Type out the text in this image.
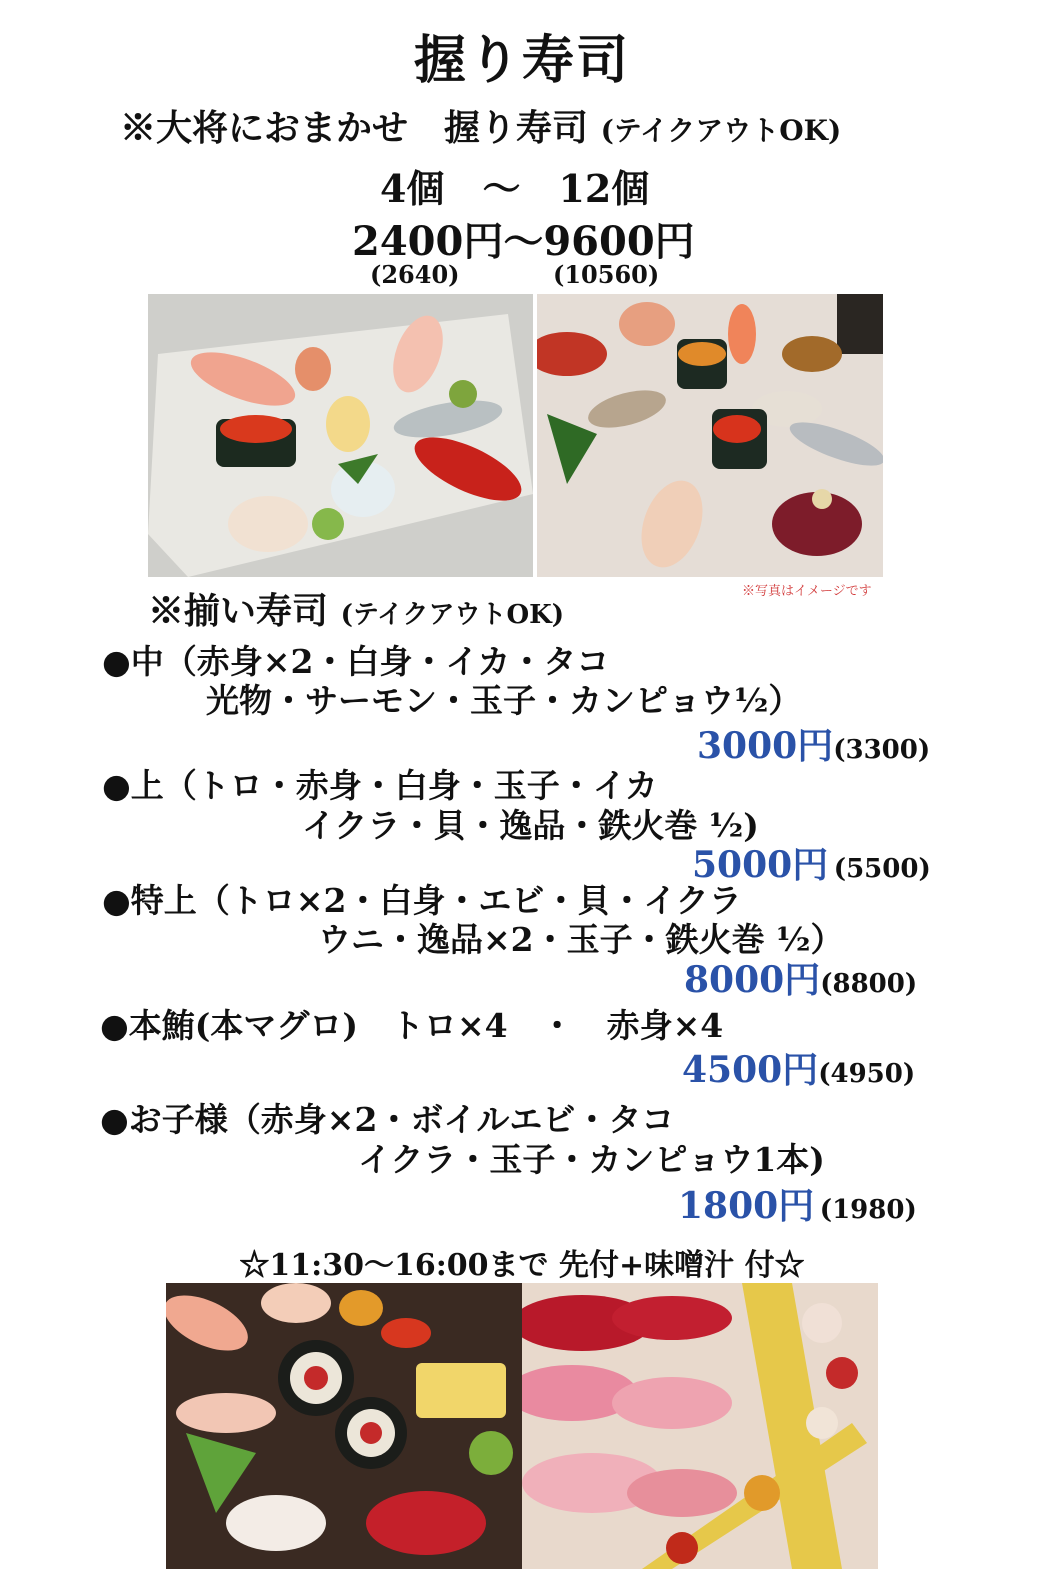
握り寿司
※大将におまかせ　握り寿司 (テイクアウトOK)
4個　～　12個
2400円～9600円
(2640)	(10560)
※写真はイメージです
※揃い寿司 (テイクアウトOK)
●中（赤身×2・白身・イカ・タコ
光物・サーモン・玉子・カンピョウ½）
3000円(3300)
●上（トロ・赤身・白身・玉子・イカ
イクラ・貝・逸品・鉄火巻 ½)
5000円 (5500)
●特上（トロ×2・白身・エビ・貝・イクラ
ウニ・逸品×2・玉子・鉄火巻 ½）
8000円(8800)
●本鮪(本マグロ)　トロ×4　・　赤身×4
4500円(4950)
●お子様（赤身×2・ボイルエビ・タコ
イクラ・玉子・カンピョウ1本)
1800円 (1980)
☆11:30～16:00まで 先付+味噌汁 付☆
